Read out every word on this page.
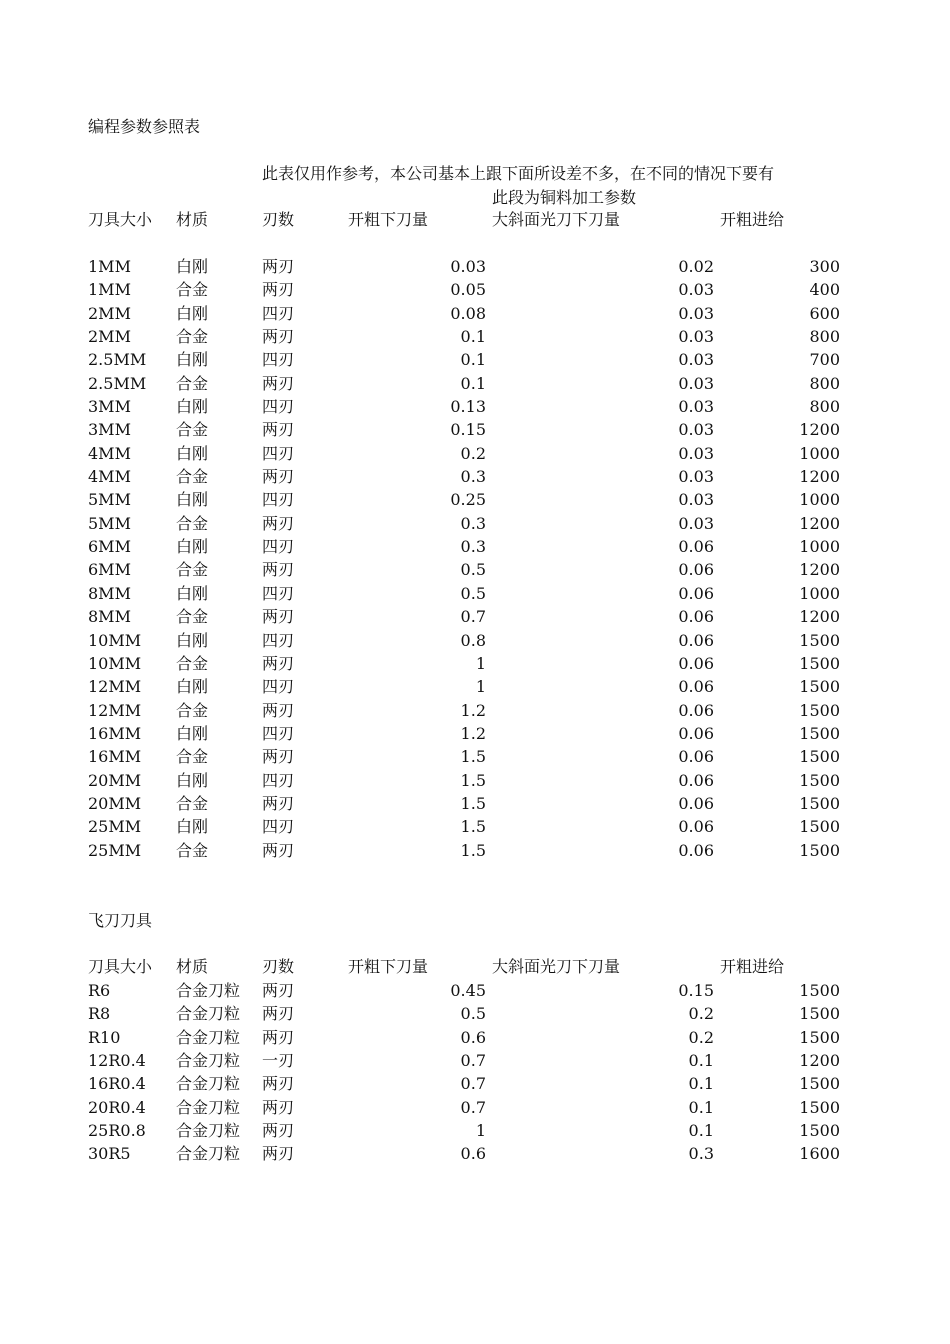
编程参数参照表
此表仅用作参考，本公司基本上跟下面所设差不多，在不同的情况下要有
此段为铜料加工参数
刀具大小 材质	刃数	开粗下刀量	大斜面光刀下刀量	开粗进给
1MM	白刚	两刃	0.03	0.02	300
1MM	合金	两刃	0.05	0.03	400
2MM	白刚	四刃	0.08	0.03	600
2MM	合金	两刃	0.1	0.03	800
2.5MM 白刚	四刃	0.1	0.03	700
2.5MM 合金	两刃	0.1	0.03	800
3MM	白刚	四刃	0.13	0.03	800
3MM	合金	两刃	0.15	0.03	1200
4MM	白刚	四刃	0.2	0.03	1000
4MM	合金	两刃	0.3	0.03	1200
5MM	白刚	四刃	0.25	0.03	1000
5MM	合金	两刃	0.3	0.03	1200
6MM	白刚	四刃	0.3	0.06	1000
6MM	合金	两刃	0.5	0.06	1200
8MM	白刚	四刃	0.5	0.06	1000
8MM	合金	两刃	0.7	0.06	1200
10MM 白刚	四刃	0.8	0.06	1500
10MM 合金	两刃	1	0.06	1500
12MM 白刚	四刃	1	0.06	1500
12MM 合金	两刃	1.2	0.06	1500
16MM 白刚	四刃	1.2	0.06	1500
16MM 合金	两刃	1.5	0.06	1500
20MM 白刚	四刃	1.5	0.06	1500
20MM 合金	两刃	1.5	0.06	1500
25MM 白刚	四刃	1.5	0.06	1500
25MM 合金	两刃	1.5	0.06	1500
飞刀刀具
刀具大小 材质	刃数	开粗下刀量	大斜面光刀下刀量	开粗进给
R6	合金刀粒 两刃	0.45	0.15	1500
R8	合金刀粒 两刃	0.5	0.2	1500
R10	合金刀粒 两刃	0.6	0.2	1500
12R0.4 合金刀粒 一刃	0.7	0.1	1200
16R0.4 合金刀粒 两刃	0.7	0.1	1500
20R0.4 合金刀粒 两刃	0.7	0.1	1500
25R0.8 合金刀粒 两刃	1	0.1	1500
30R5	合金刀粒 两刃	0.6	0.3	1600
